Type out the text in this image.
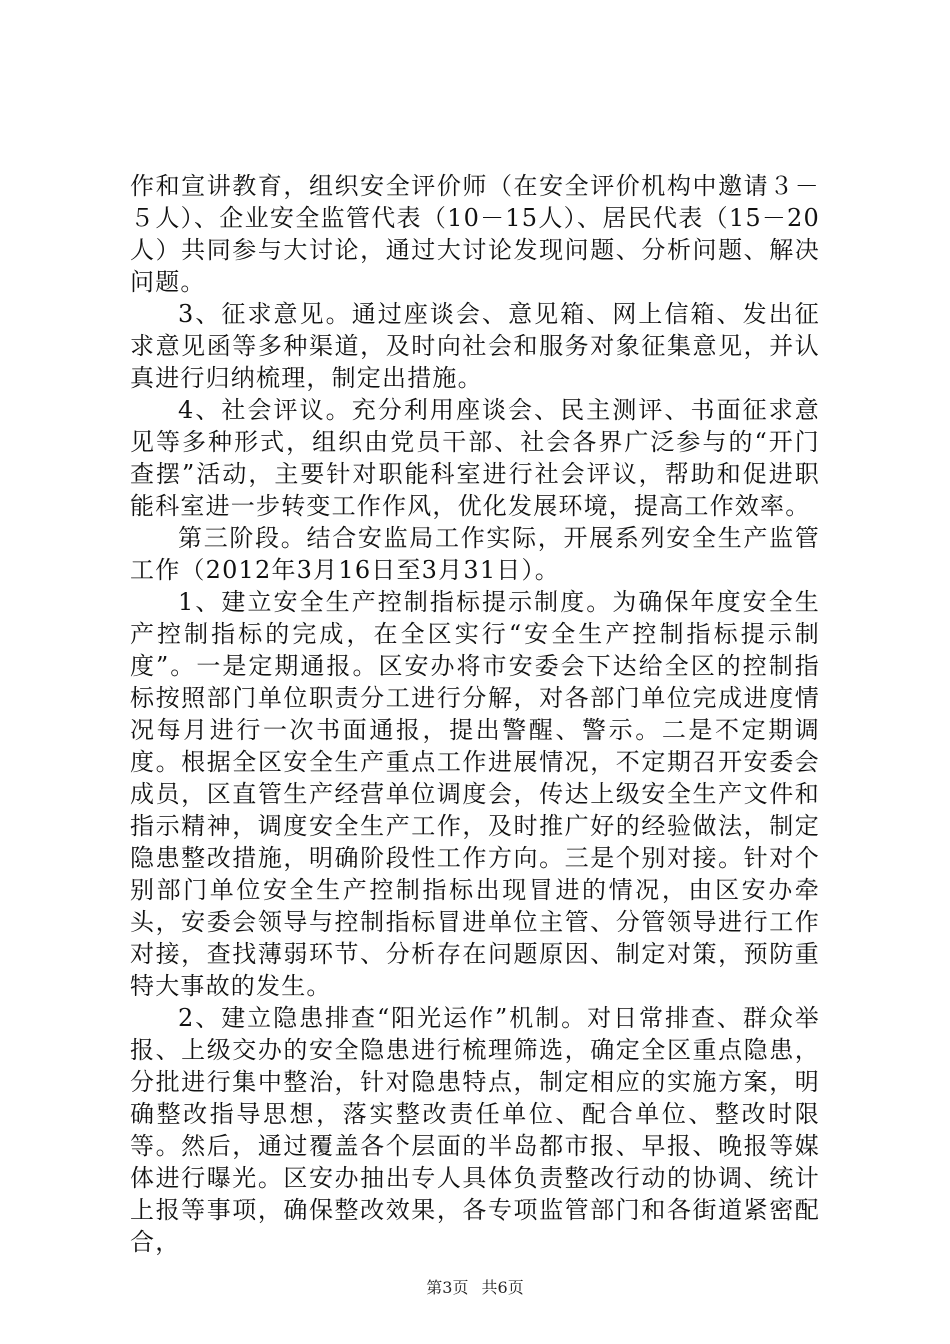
作和宣讲教育，组织安全评价师（在安全评价机构中邀请３－５人）、企业安全监管代表（10－15人）、居民代表（15－20人）共同参与大讨论，通过大讨论发现问题、分析问题、解决问题。

3、征求意见。通过座谈会、意见箱、网上信箱、发出征求意见函等多种渠道，及时向社会和服务对象征集意见，并认真进行归纳梳理，制定出措施。

4、社会评议。充分利用座谈会、民主测评、书面征求意见等多种形式，组织由党员干部、社会各界广泛参与的“开门查摆”活动，主要针对职能科室进行社会评议，帮助和促进职能科室进一步转变工作作风，优化发展环境，提高工作效率。

第三阶段。结合安监局工作实际，开展系列安全生产监管工作（2012年3月16日至3月31日）。

1、建立安全生产控制指标提示制度。为确保年度安全生产控制指标的完成，在全区实行“安全生产控制指标提示制度”。一是定期通报。区安办将市安委会下达给全区的控制指标按照部门单位职责分工进行分解，对各部门单位完成进度情况每月进行一次书面通报，提出警醒、警示。二是不定期调度。根据全区安全生产重点工作进展情况，不定期召开安委会成员，区直管生产经营单位调度会，传达上级安全生产文件和指示精神，调度安全生产工作，及时推广好的经验做法，制定隐患整改措施，明确阶段性工作方向。三是个别对接。针对个别部门单位安全生产控制指标出现冒进的情况，由区安办牵头，安委会领导与控制指标冒进单位主管、分管领导进行工作对接，查找薄弱环节、分析存在问题原因、制定对策，预防重特大事故的发生。

2、建立隐患排查“阳光运作”机制。对日常排查、群众举报、上级交办的安全隐患进行梳理筛选，确定全区重点隐患，分批进行集中整治，针对隐患特点，制定相应的实施方案，明确整改指导思想，落实整改责任单位、配合单位、整改时限等。然后，通过覆盖各个层面的半岛都市报、早报、晚报等媒体进行曝光。区安办抽出专人具体负责整改行动的协调、统计上报等事项，确保整改效果，各专项监管部门和各街道紧密配合，

第3页 共6页
